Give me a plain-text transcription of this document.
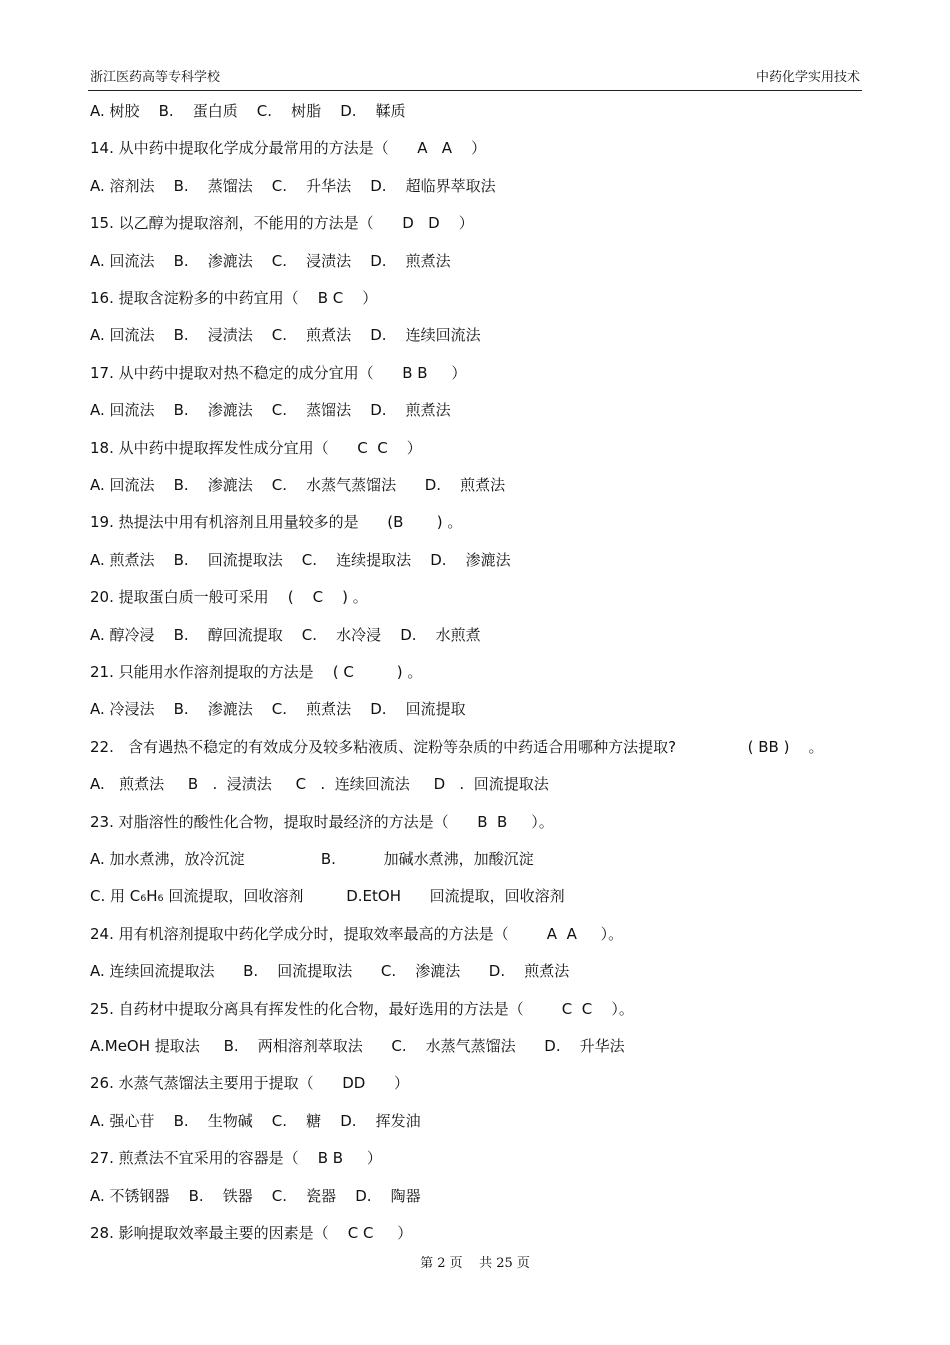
浙江医药高等专科学校	中药化学实用技术
A. 树胶    B.    蛋白质    C.    树脂    D.    鞣质
14. 从中药中提取化学成分最常用的方法是（      A   A    ）
A. 溶剂法    B.    蒸馏法    C.    升华法    D.    超临界萃取法
15. 以乙醇为提取溶剂，不能用的方法是（      D   D    ）
A. 回流法    B.    渗漉法    C.    浸渍法    D.    煎煮法
16. 提取含淀粉多的中药宜用（    B C    ）
A. 回流法    B.    浸渍法    C.    煎煮法    D.    连续回流法
17. 从中药中提取对热不稳定的成分宜用（      B B     ）
A. 回流法    B.    渗漉法    C.    蒸馏法    D.    煎煮法
18. 从中药中提取挥发性成分宜用（      C  C    ）
A. 回流法    B.    渗漉法    C.    水蒸气蒸馏法      D.    煎煮法
19. 热提法中用有机溶剂且用量较多的是      (B       ) 。
A. 煎煮法    B.    回流提取法    C.    连续提取法    D.    渗漉法
20. 提取蛋白质一般可采用    (    C    ) 。
A. 醇冷浸    B.    醇回流提取    C.    水冷浸    D.    水煎煮
21. 只能用水作溶剂提取的方法是    ( C         ) 。
A. 冷浸法    B.    渗漉法    C.    煎煮法    D.    回流提取
22.   含有遇热不稳定的有效成分及较多粘液质、淀粉等杂质的中药适合用哪种方法提取?               ( BB )    。
A.   煎煮法     B   .  浸渍法     C   .  连续回流法     D   .  回流提取法
23. 对脂溶性的酸性化合物，提取时最经济的方法是（      B  B     ）。
A. 加水煮沸，放冷沉淀                B.          加碱水煮沸，加酸沉淀
C. 用 C₆H₆ 回流提取，回收溶剂         D.EtOH      回流提取，回收溶剂
24. 用有机溶剂提取中药化学成分时，提取效率最高的方法是（        A  A     ）。
A. 连续回流提取法      B.    回流提取法      C.    渗漉法      D.    煎煮法
25. 自药材中提取分离具有挥发性的化合物，最好选用的方法是（        C  C    ）。
A.MeOH 提取法     B.    两相溶剂萃取法      C.    水蒸气蒸馏法      D.    升华法
26. 水蒸气蒸馏法主要用于提取（      DD      ）
A. 强心苷    B.    生物碱    C.    糖    D.    挥发油
27. 煎煮法不宜采用的容器是（    B B     ）
A. 不锈钢器    B.    铁器    C.    瓷器    D.    陶器
28. 影响提取效率最主要的因素是（    C C     ）
第 2 页    共 25 页
